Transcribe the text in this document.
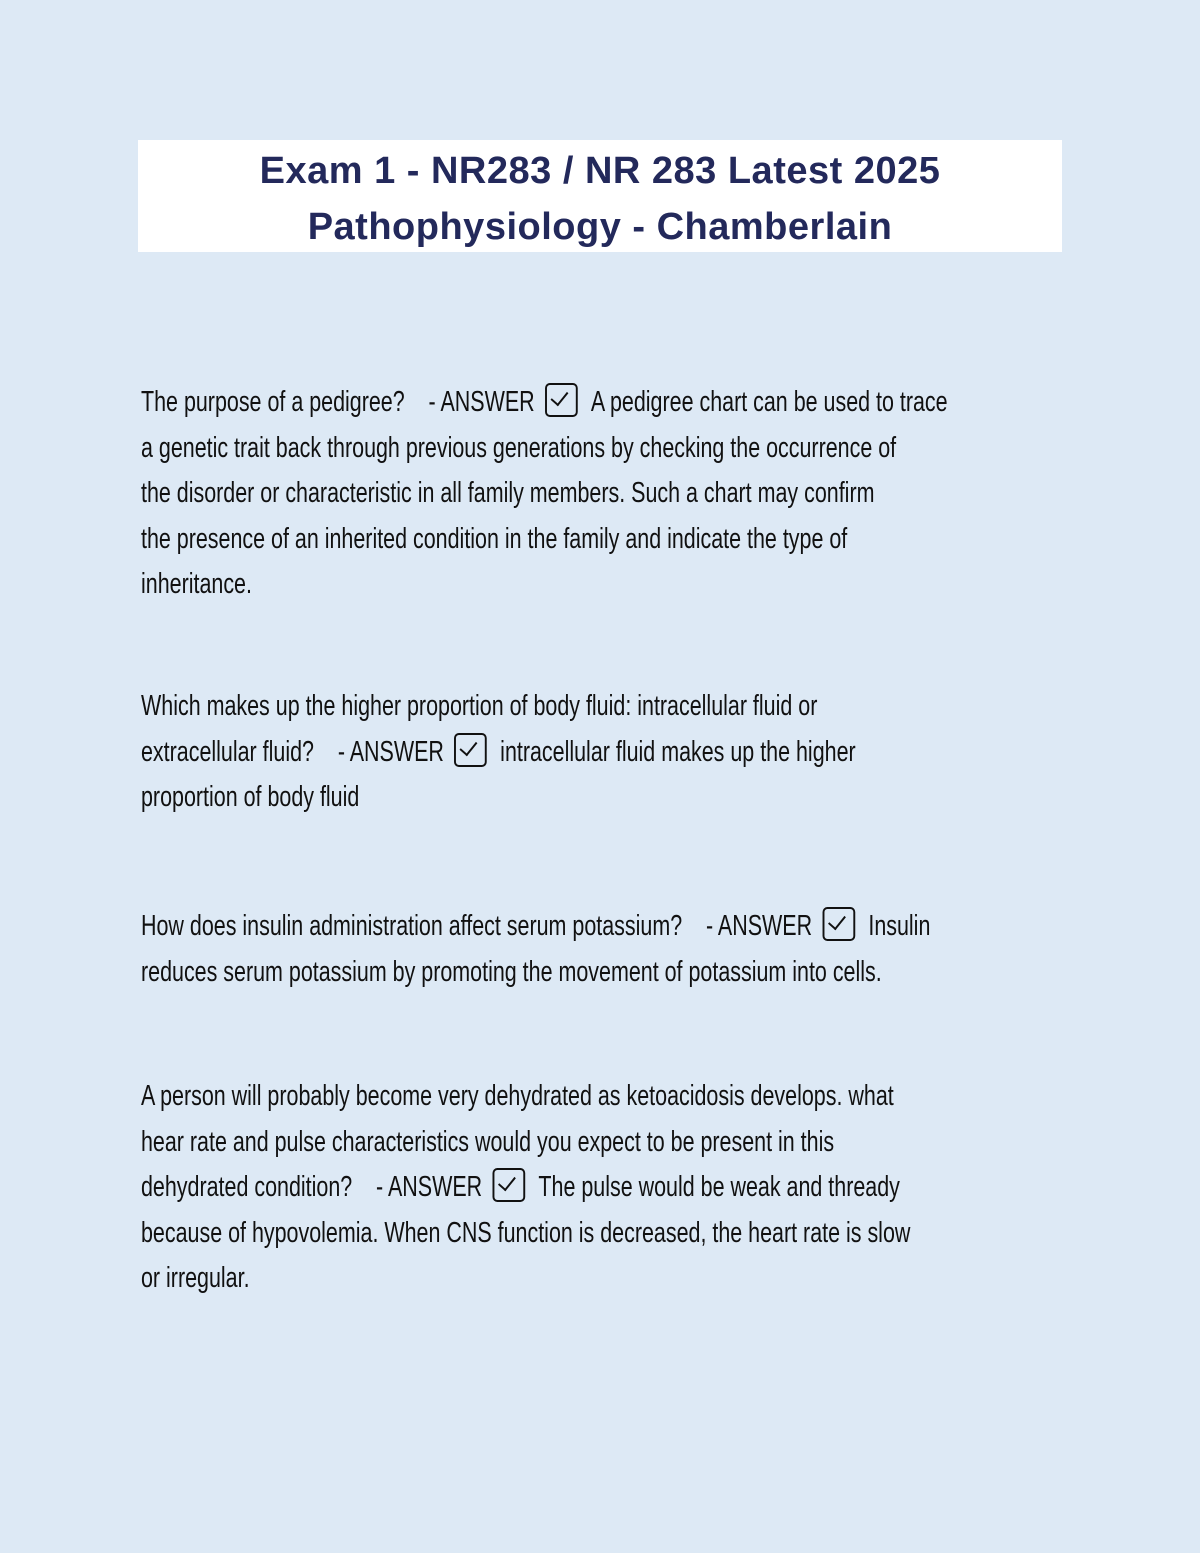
Exam 1 - NR283 / NR 283 Latest 2025
Pathophysiology - Chamberlain
The purpose of a pedigree? - ANSWER A pedigree chart can be used to trace
a genetic trait back through previous generations by checking the occurrence of
the disorder or characteristic in all family members. Such a chart may confirm
the presence of an inherited condition in the family and indicate the type of
inheritance.
Which makes up the higher proportion of body fluid: intracellular fluid or
extracellular fluid? - ANSWER intracellular fluid makes up the higher
proportion of body fluid
How does insulin administration affect serum potassium? - ANSWER Insulin
reduces serum potassium by promoting the movement of potassium into cells.
A person will probably become very dehydrated as ketoacidosis develops. what
hear rate and pulse characteristics would you expect to be present in this
dehydrated condition? - ANSWER The pulse would be weak and thready
because of hypovolemia. When CNS function is decreased, the heart rate is slow
or irregular.
